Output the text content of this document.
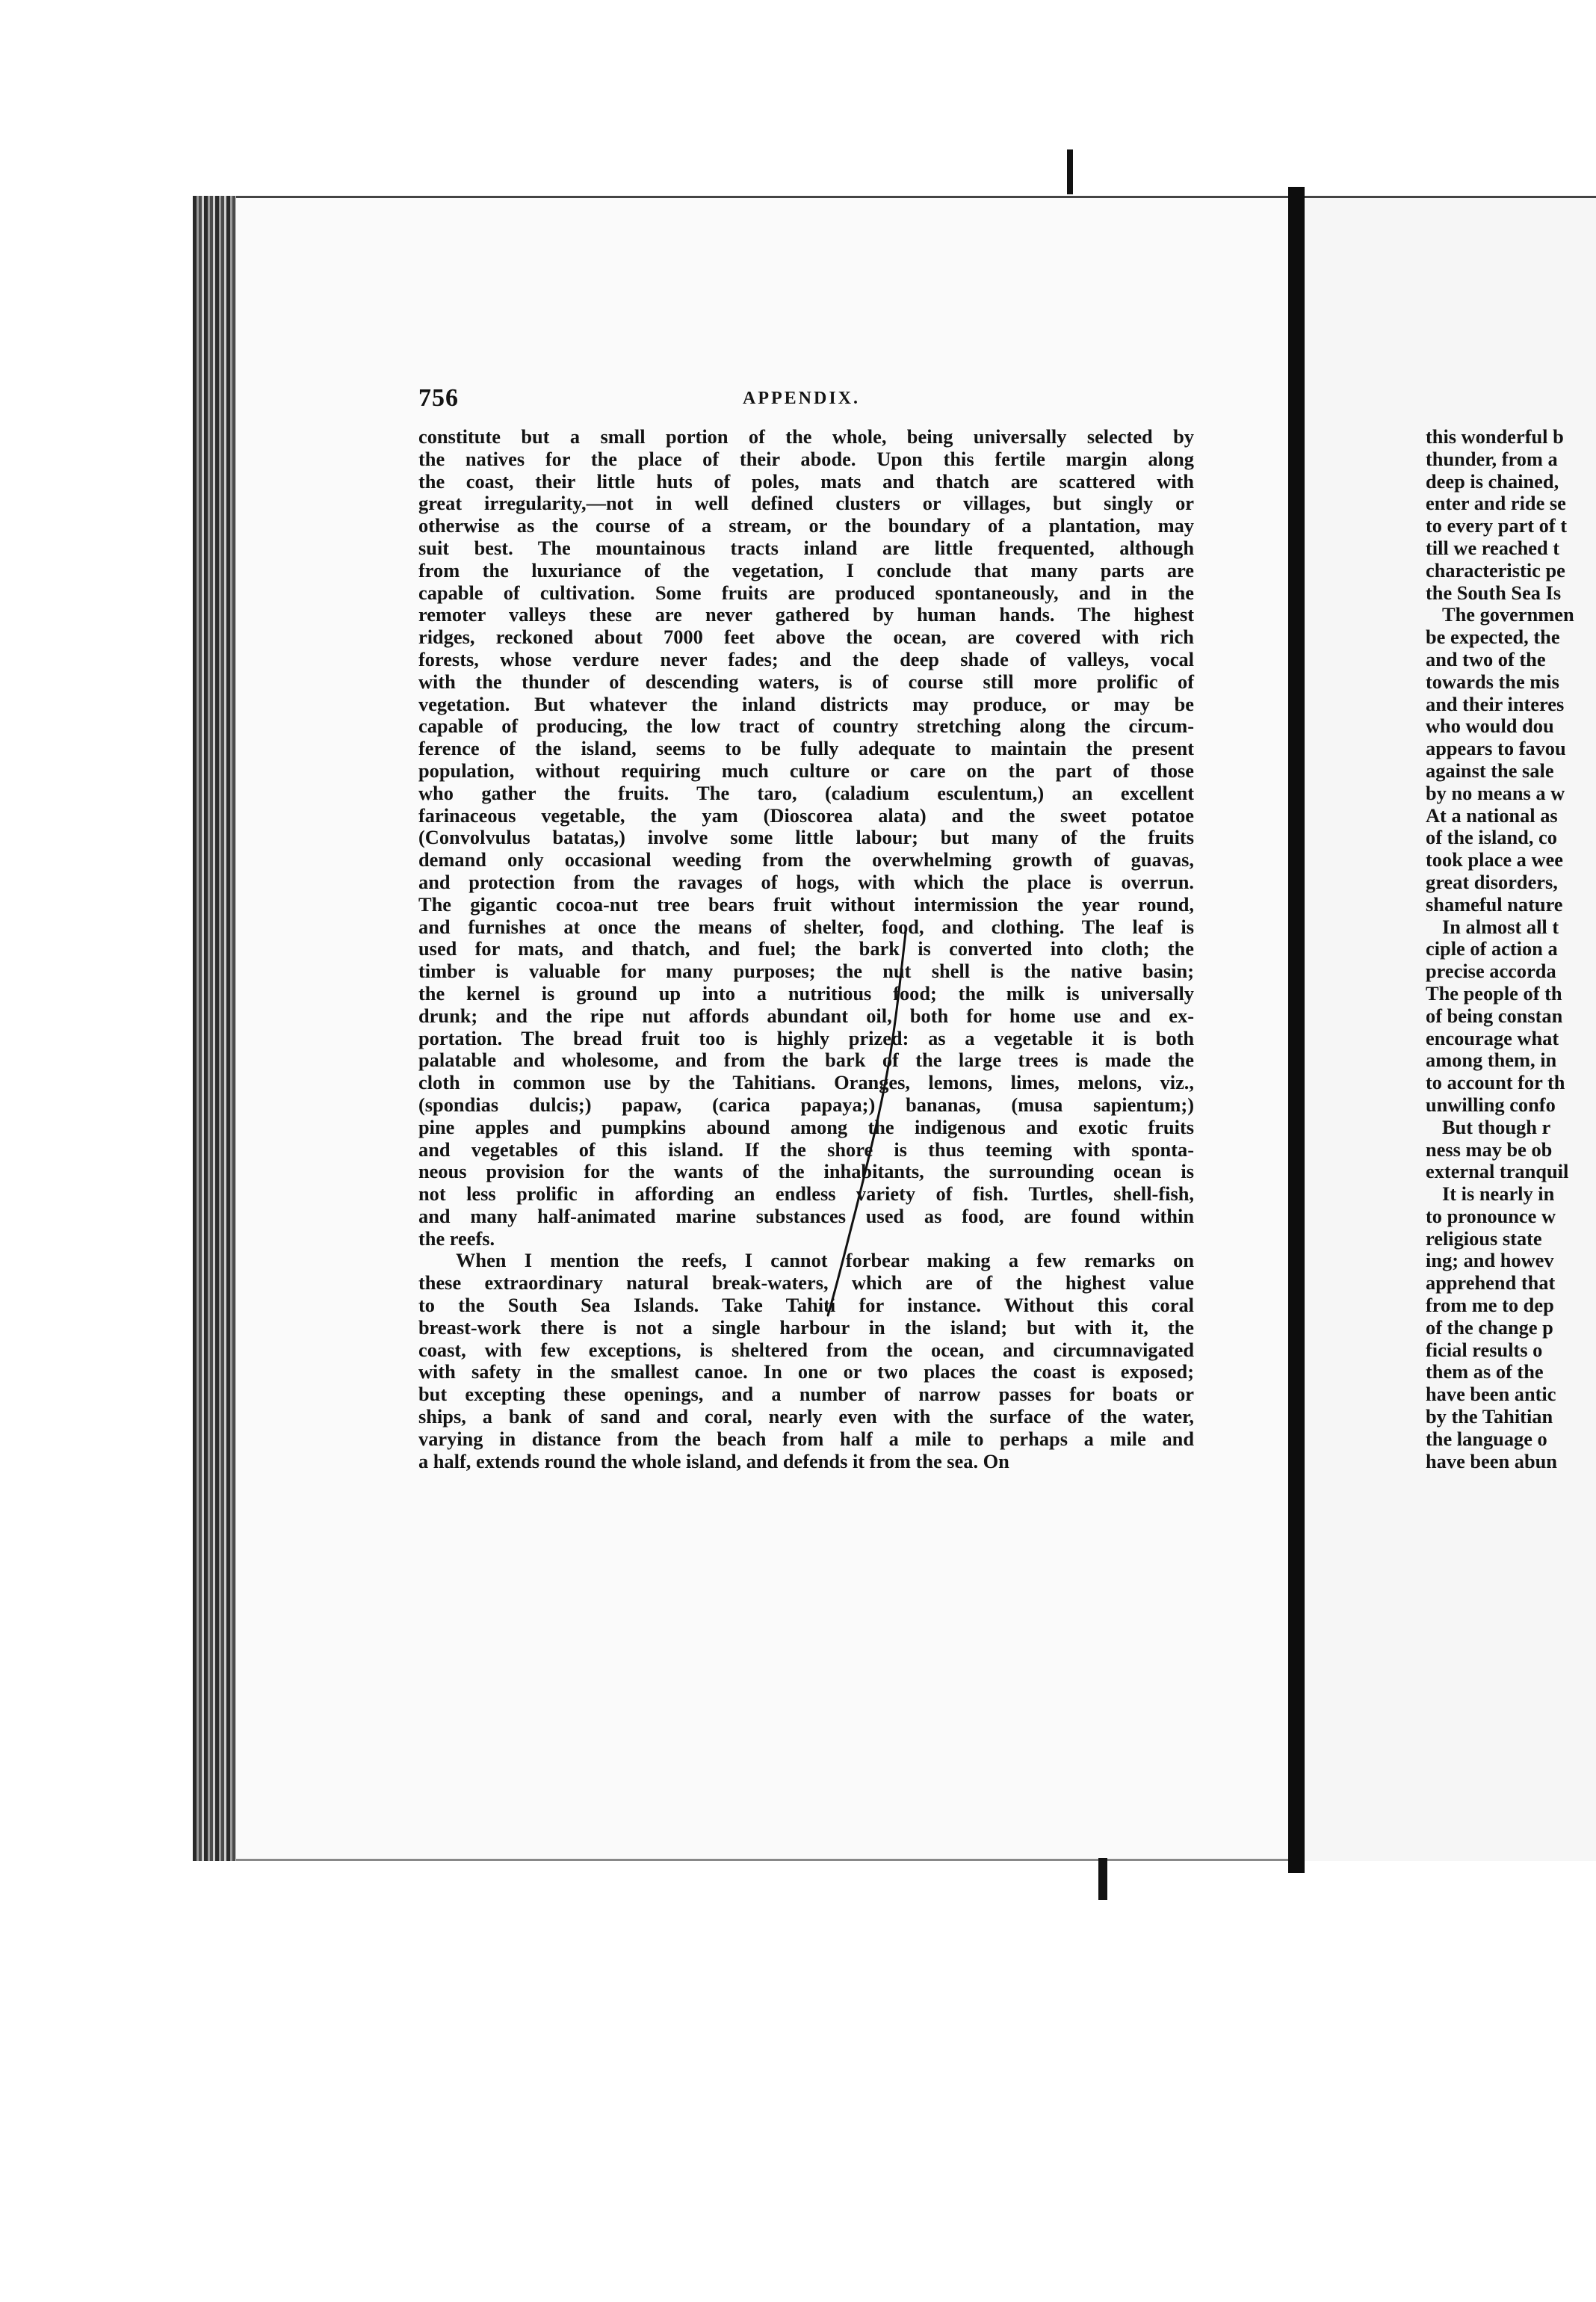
756	APPENDIX.
constitute but a small portion of the whole, being universally selected by
the natives for the place of their abode. Upon this fertile margin along
the coast, their little huts of poles, mats and thatch are scattered with
great irregularity,—not in well defined clusters or villages, but singly or
otherwise as the course of a stream, or the boundary of a plantation, may
suit best. The mountainous tracts inland are little frequented, although
from the luxuriance of the vegetation, I conclude that many parts are
capable of cultivation. Some fruits are produced spontaneously, and in the
remoter valleys these are never gathered by human hands. The highest
ridges, reckoned about 7000 feet above the ocean, are covered with rich
forests, whose verdure never fades; and the deep shade of valleys, vocal
with the thunder of descending waters, is of course still more prolific of
vegetation. But whatever the inland districts may produce, or may be
capable of producing, the low tract of country stretching along the circum-
ference of the island, seems to be fully adequate to maintain the present
population, without requiring much culture or care on the part of those
who gather the fruits. The taro, (caladium esculentum,) an excellent
farinaceous vegetable, the yam (Dioscorea alata) and the sweet potatoe
(Convolvulus batatas,) involve some little labour; but many of the fruits
demand only occasional weeding from the overwhelming growth of guavas,
and protection from the ravages of hogs, with which the place is overrun.
The gigantic cocoa-nut tree bears fruit without intermission the year round,
and furnishes at once the means of shelter, food, and clothing. The leaf is
used for mats, and thatch, and fuel; the bark is converted into cloth; the
timber is valuable for many purposes; the nut shell is the native basin;
the kernel is ground up into a nutritious food; the milk is universally
drunk; and the ripe nut affords abundant oil, both for home use and ex-
portation. The bread fruit too is highly prized: as a vegetable it is both
palatable and wholesome, and from the bark of the large trees is made the
cloth in common use by the Tahitians. Oranges, lemons, limes, melons, viz.,
(spondias dulcis;) papaw, (carica papaya;) bananas, (musa sapientum;)
pine apples and pumpkins abound among the indigenous and exotic fruits
and vegetables of this island. If the shore is thus teeming with sponta-
neous provision for the wants of the inhabitants, the surrounding ocean is
not less prolific in affording an endless variety of fish. Turtles, shell-fish,
and many half-animated marine substances used as food, are found within
the reefs.
When I mention the reefs, I cannot forbear making a few remarks on
these extraordinary natural break-waters, which are of the highest value
to the South Sea Islands. Take Tahiti for instance. Without this coral
breast-work there is not a single harbour in the island; but with it, the
coast, with few exceptions, is sheltered from the ocean, and circumnavigated
with safety in the smallest canoe. In one or two places the coast is exposed;
but excepting these openings, and a number of narrow passes for boats or
ships, a bank of sand and coral, nearly even with the surface of the water,
varying in distance from the beach from half a mile to perhaps a mile and
a half, extends round the whole island, and defends it from the sea. On
this wonderful b
thunder, from a
deep is chained,
enter and ride se
to every part of t
till we reached t
characteristic pe
the South Sea Is
The governmen
be expected, the
and two of the
towards the mis
and their interes
who would dou
appears to favou
against the sale
by no means a w
At a national as
of the island, co
took place a wee
great disorders,
shameful nature
In almost all t
ciple of action a
precise accorda
The people of th
of being constan
encourage what
among them, in
to account for th
unwilling confo
But though r
ness may be ob
external tranquil
It is nearly in
to pronounce w
religious state
ing; and howev
apprehend that
from me to dep
of the change p
ficial results o
them as of the
have been antic
by the Tahitian
the language o
have been abun
